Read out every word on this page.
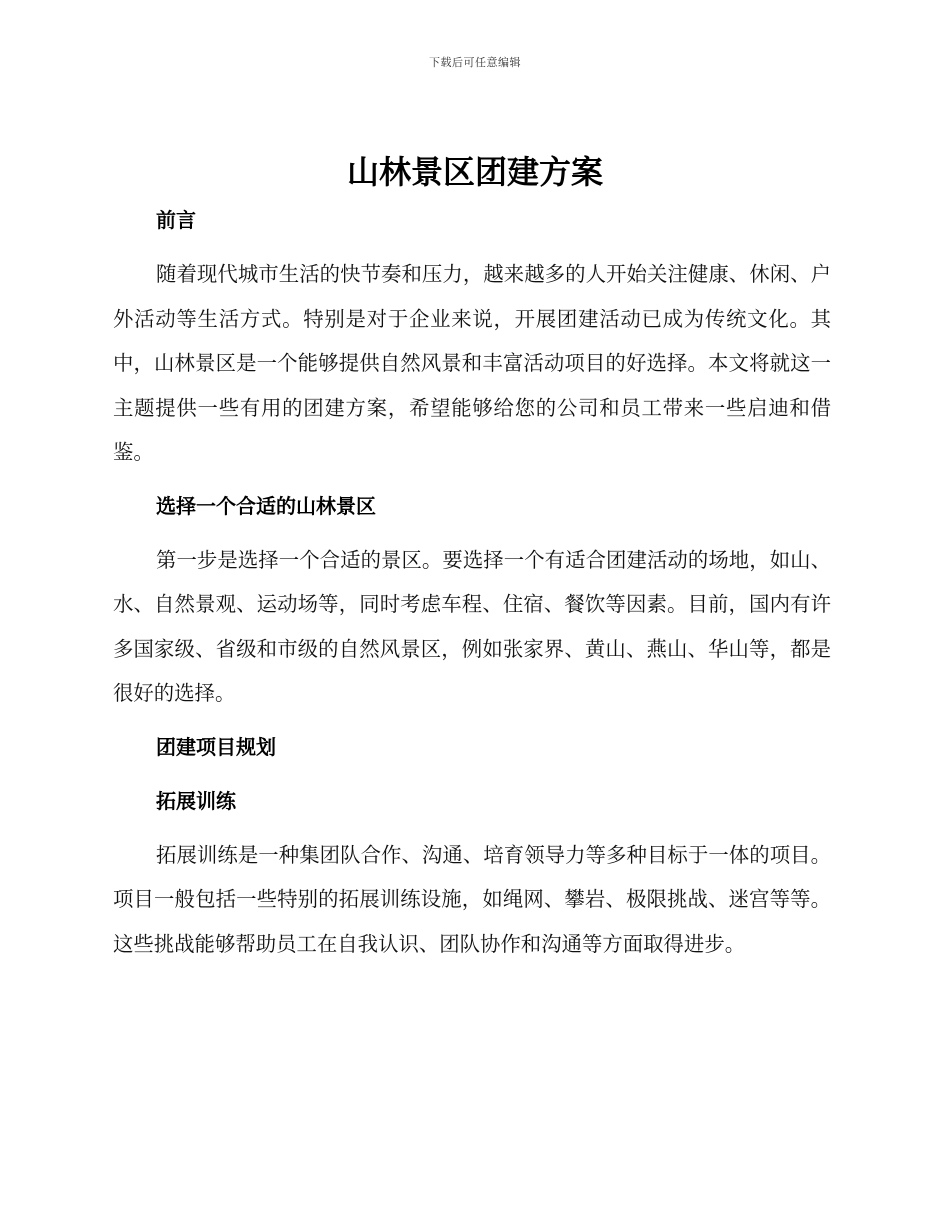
下载后可任意编辑
山林景区团建方案
前言

随着现代城市生活的快节奏和压力，越来越多的人开始关注健康、休闲、户外活动等生活方式。特别是对于企业来说，开展团建活动已成为传统文化。其中，山林景区是一个能够提供自然风景和丰富活动项目的好选择。本文将就这一主题提供一些有用的团建方案，希望能够给您的公司和员工带来一些启迪和借鉴。

选择一个合适的山林景区

第一步是选择一个合适的景区。要选择一个有适合团建活动的场地，如山、水、自然景观、运动场等，同时考虑车程、住宿、餐饮等因素。目前，国内有许多国家级、省级和市级的自然风景区，例如张家界、黄山、燕山、华山等，都是很好的选择。

团建项目规划
拓展训练

拓展训练是一种集团队合作、沟通、培育领导力等多种目标于一体的项目。项目一般包括一些特别的拓展训练设施，如绳网、攀岩、极限挑战、迷宫等等。这些挑战能够帮助员工在自我认识、团队协作和沟通等方面取得进步。
